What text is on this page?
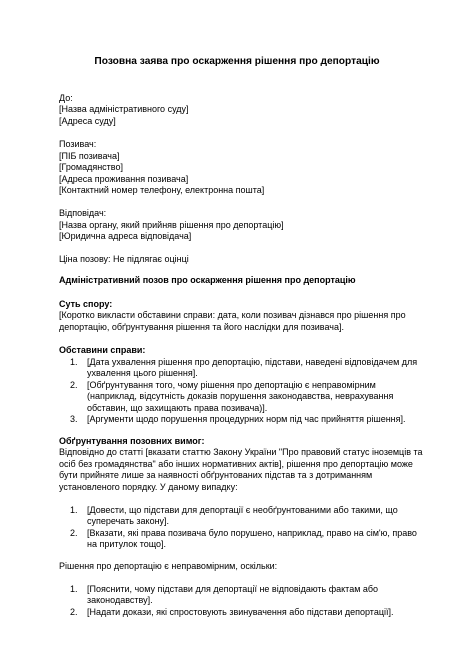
Позовна заява про оскарження рішення про депортацію
До:
[Назва адміністративного суду]
[Адреса суду]
Позивач:
[ПІБ позивача]
[Громадянство]
[Адреса проживання позивача]
[Контактний номер телефону, електронна пошта]
Відповідач:
[Назва органу, який прийняв рішення про депортацію]
[Юридична адреса відповідача]
Ціна позову: Не підлягає оцінці
Адміністративний позов про оскарження рішення про депортацію
Суть спору:
[Коротко викласти обставини справи: дата, коли позивач дізнався про рішення про
депортацію, обґрунтування рішення та його наслідки для позивача].
Обставини справи:
1. [Дата ухвалення рішення про депортацію, підстави, наведені відповідачем для
ухвалення цього рішення].
2. [Обґрунтування того, чому рішення про депортацію є неправомірним
(наприклад, відсутність доказів порушення законодавства, неврахування
обставин, що захищають права позивача)].
3. [Аргументи щодо порушення процедурних норм під час прийняття рішення].
Обґрунтування позовних вимог:
Відповідно до статті [вказати статтю Закону України "Про правовий статус іноземців та
осіб без громадянства" або інших нормативних актів], рішення про депортацію може
бути прийняте лише за наявності обґрунтованих підстав та з дотриманням
установленого порядку. У даному випадку:
1. [Довести, що підстави для депортації є необґрунтованими або такими, що
суперечать закону].
2. [Вказати, які права позивача було порушено, наприклад, право на сім'ю, право
на притулок тощо].
Рішення про депортацію є неправомірним, оскільки:
1. [Пояснити, чому підстави для депортації не відповідають фактам або
законодавству].
2. [Надати докази, які спростовують звинувачення або підстави депортації].
